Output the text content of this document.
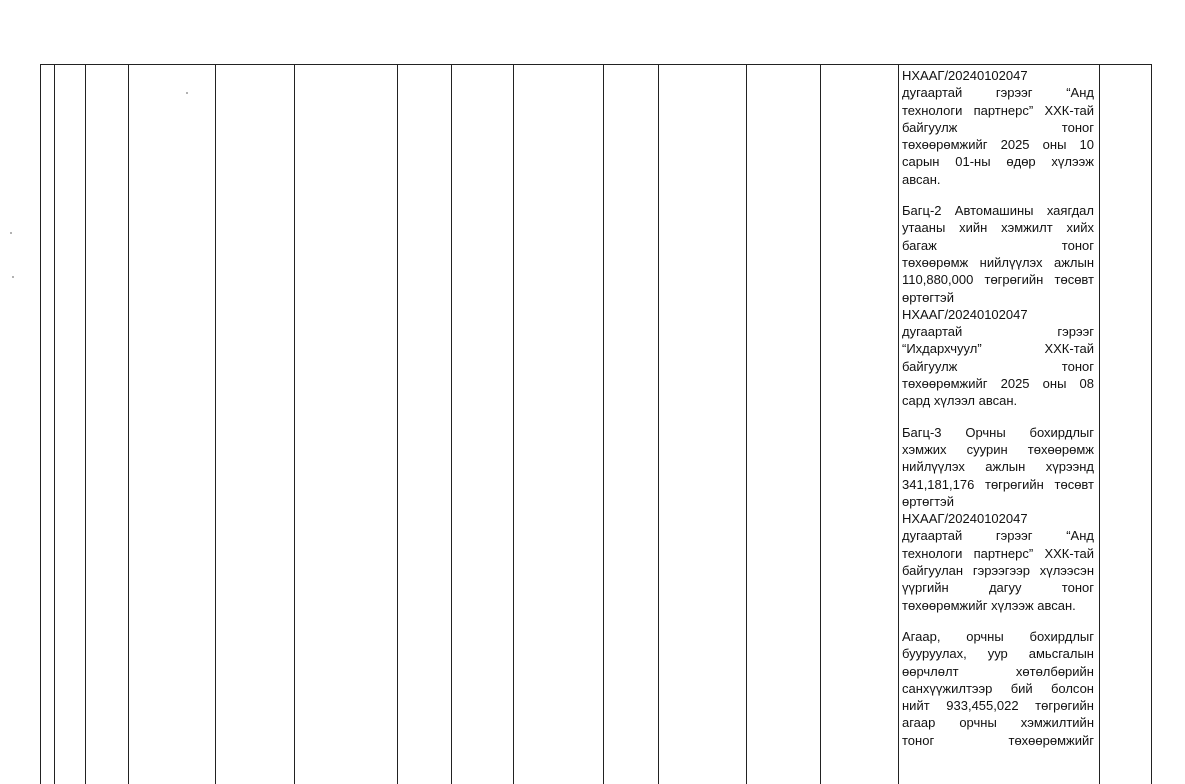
НХААГ/20240102047
дугаартай гэрээг “Анд
технологи партнерс” ХХК-тай
байгуулж тоног
төхөөрөмжийг 2025 оны 10
сарын 01-ны өдөр хүлээж
авсан.
Багц-2 Автомашины хаягдал
утааны хийн хэмжилт хийх
багаж тоног
төхөөрөмж нийлүүлэх ажлын
110,880,000 төгрөгийн төсөвт
өртөгтэй
НХААГ/20240102047
дугаартай гэрээг
“Ихдархчуул” ХХК-тай
байгуулж тоног
төхөөрөмжийг 2025 оны 08
сард хүлээл авсан.
Багц-3 Орчны бохирдлыг
хэмжих суурин төхөөрөмж
нийлүүлэх ажлын хүрээнд
341,181,176 төгрөгийн төсөвт
өртөгтэй
НХААГ/20240102047
дугаартай гэрээг “Анд
технологи партнерс” ХХК-тай
байгуулан гэрээгээр хүлээсэн
үүргийн дагуу тоног
төхөөрөмжийг хүлээж авсан.
Агаар, орчны бохирдлыг
бууруулах, уур амьсгалын
өөрчлөлт хөтөлбөрийн
санхүүжилтээр бий болсон
нийт 933,455,022 төгрөгийн
агаар орчны хэмжилтийн
тоног төхөөрөмжийг
